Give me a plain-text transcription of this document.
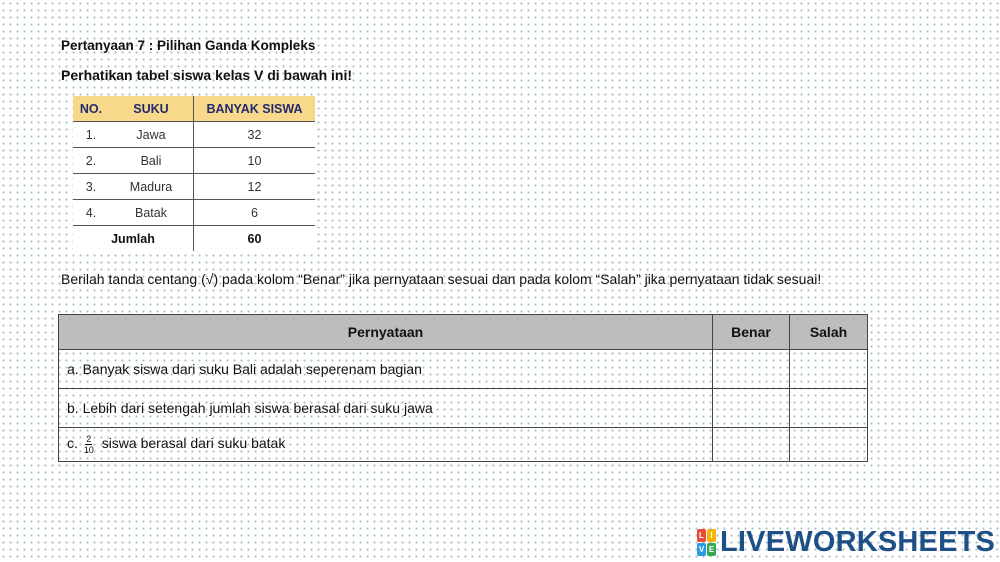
Pertanyaan 7 : Pilihan Ganda Kompleks
Perhatikan tabel siswa kelas V di bawah ini!
NO.	SUKU	BANYAK SISWA
1.	Jawa	32
2.	Bali	10
3.	Madura	12
4.	Batak	6
Jumlah		60
Berilah tanda centang (√) pada kolom “Benar” jika pernyataan sesuai dan pada kolom “Salah” jika pernyataan tidak sesuai!
Pernyataan	Benar	Salah
a. Banyak siswa dari suku Bali adalah seperenam bagian		
b. Lebih dari setengah jumlah siswa berasal dari suku jawa		
c. $\frac{2}{10}$ siswa berasal dari suku batak		
L I
V E LIVEWORKSHEETS
